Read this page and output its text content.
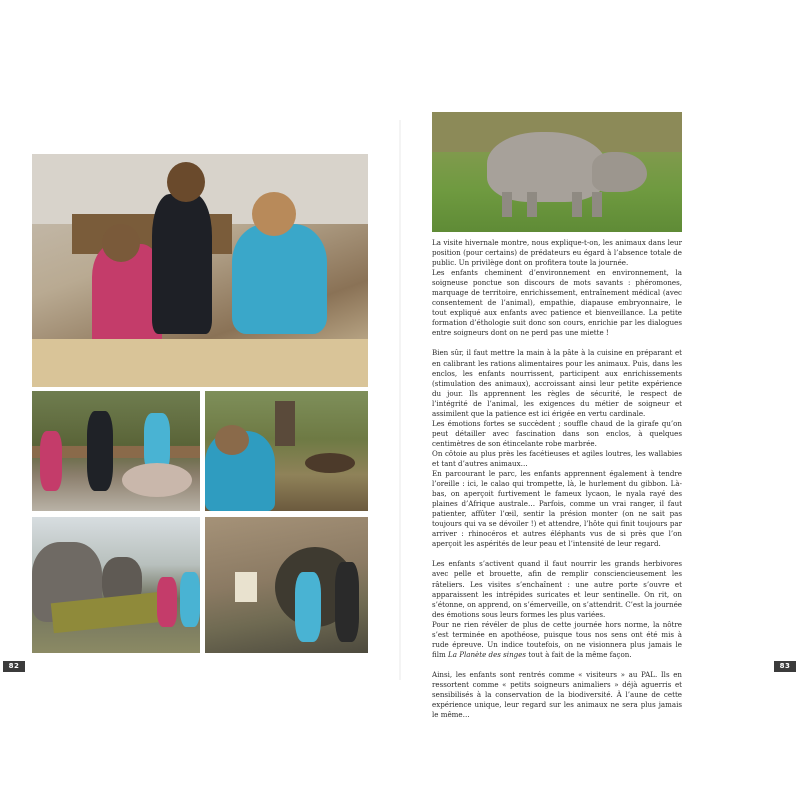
La visite hivernale montre, nous explique-t-on, les animaux dans leur position (pour certains) de prédateurs eu égard à l’absence totale de public. Un privilège dont on profitera toute la journée.

Les enfants cheminent d’environnement en environnement, la soigneuse ponctue son discours de mots savants : phéromones, marquage de territoire, enrichissement, entraînement médical (avec consentement de l’animal), empathie, diapause embryonnaire, le tout expliqué aux enfants avec patience et bienveillance. La petite formation d’éthologie suit donc son cours, enrichie par les dialogues entre soigneurs dont on ne perd pas une miette !

Bien sûr, il faut mettre la main à la pâte à la cuisine en préparant et en calibrant les rations alimentaires pour les animaux. Puis, dans les enclos, les enfants nourrissent, participent aux enrichissements (stimulation des animaux), accroissant ainsi leur petite expérience du jour. Ils apprennent les règles de sécurité, le respect de l’intégrité de l’animal, les exigences du métier de soigneur et assimilent que la patience est ici érigée en vertu cardinale.

Les émotions fortes se succèdent ; souffle chaud de la girafe qu’on peut détailler avec fascination dans son enclos, à quelques centimètres de son étincelante robe marbrée.

On côtoie au plus près les facétieuses et agiles loutres, les wallabies et tant d’autres animaux…

En parcourant le parc, les enfants apprennent également à tendre l’oreille : ici, le calao qui trompette, là, le hurlement du gibbon. Là-bas, on aperçoit furtivement le fameux lycaon, le nyala rayé des plaines d’Afrique australe… Parfois, comme un vrai ranger, il faut patienter, affûter l’œil, sentir la présion monter (on ne sait pas toujours qui va se dévoiler !) et attendre, l’hôte qui finit toujours par arriver : rhinocéros et autres éléphants vus de si près que l’on aperçoit les aspérités de leur peau et l’intensité de leur regard.

Les enfants s’activent quand il faut nourrir les grands herbivores avec pelle et brouette, afin de remplir consciencieusement les râteliers. Les visites s’enchaînent : une autre porte s’ouvre et apparaissent les intrépides suricates et leur sentinelle. On rit, on s’étonne, on apprend, on s’émerveille, on s’attendrit. C’est la journée des émotions sous leurs formes les plus variées.

Pour ne rien révéler de plus de cette journée hors norme, la nôtre s’est terminée en apothéose, puisque tous nos sens ont été mis à rude épreuve. Un indice toutefois, on ne visionnera plus jamais le film La Planète des singes tout à fait de la même façon.

Ainsi, les enfants sont rentrés comme « visiteurs » au PAL. Ils en ressortent comme « petits soigneurs animaliers » déjà aguerris et sensibilisés à la conservation de la biodiversité. À l’aune de cette expérience unique, leur regard sur les animaux ne sera plus jamais le même…

82	83
